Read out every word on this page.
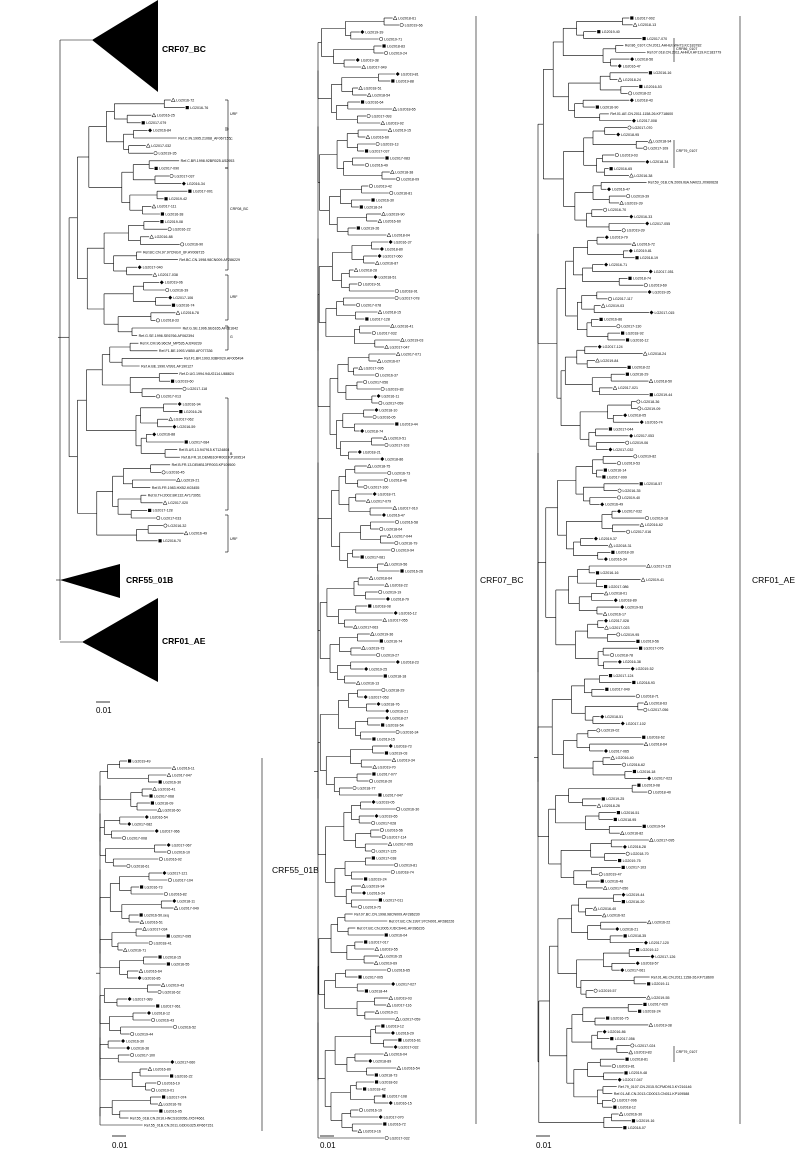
CRF07_BC
CRF55_01B
CRF01_AE
LG2016-72
LG2016-76
LG2016-25
LG2017-079
LG2016-84
Ref.C.IN.1995.21068_AF067155
LG2017-032
LG2019-35
Ref.C.BR.1998.92BR025.U52953
LG2017-090
LG2017-037
LG2016-34
LG2017-001
LG2019-42
LG2017-111
LG2016-38
LG2019-08
LG2016-22
LG2016-88
LG2016-90
Ref.BC.CN.97.97CNGX_6F.AY008715
Ref.BC.CN.1998.98CN009.AF286229
LG2017-040
LG2017-038
LG2019-06
LG2016-39
LG2017-106
LG2016-74
LG2016-78
LG2018-33
Ref.G.SE.1996.SE6165.AF061642
Ref.G.SE.1996.SE6766.AF062394
Ref.K.CM.96.96CM_MP535.AJ249239
Ref.F1.BE.1993.VI850.AF077336
Ref.F1.BR.1993.93BR020.AF005494
Ref.H.BE.1990.VI991.AF190127
Ref.D.UG.1994.94UG114.U88824
LG2019-60
LG2017-118
LG2017-013
LG2016-94
LG2016-26
LG2017-062
LG2016-59
LG2016-88
LG2017-084
Ref.B.US.13.947915.KT124808
Ref.B.FR.10.DEMB10FR002.KP109514
Ref.B.FR.13.DEMB13FR003.KP109500
LG2016-45
LG2019-21
Ref.B.FR.1983.HXB2.K03455
Ref.B.TH.2002.BK132.AY173951
LG2017-020
LG2017-128
LG2017-033
LG2016-32
LG2016-49
LG2016-70
0.01
URF
C
CRF08_BC
URF
G
B
URF
LG2019-49
LG2016-11
LG2017-047
LG2016-30
LG2016-41
LG2017-068
LG2016-09
LG2016-60
LG2016-54
LG2017-082
LG2017-066
LG2017-008
LG2017-067
LG2016-10
LG2016-92
LG2016-61
LG2017-121
LG2017-104
LG2016-73
LG2016-82
LG2018-11
LG2017-049
LG2016-50.seq
LG2016-51
LG2017-034
LG2017-095
LG2018-41
LG2016-71
LG2018-15
LG2016-55
LG2016-64
LG2016-85
LG2019-43
LG2016-62
LG2017-089
LG2017-061
LG2018-12
LG2016-43
LG2016-52
LG2019-44
LG2016-30
LG2016-36
LG2017-100
LG2017-060
LG2016-80
LG2016-22
LG2016-19
LG2019-01
LG2017-074
LG2016-78
LG2016-05
Ref.55_01B.CN.2010.HNCS102056.JX574661
Ref.55_01B.CN.2011.GDDG325.KF667151
CRF55_01B
0.01
LG2018-61
LG2019-66
LG2019-39
LG2019-71
LG2018-83
LG2019-24
LG2019-38
LG2017-049
LG2019-81
LG2019-88
LG2018-51
LG2018-54
LG2016-64
LG2018-65
LG2017-093
LG2019-92
LG2019-15
LG2016-60
LG2019-13
LG2017-037
LG2017-083
LG2016-49
LG2018-38
LG2018-09
LG2019-42
LG2016-81
LG2016-30
LG2018-24
LG2019-90
LG2016-60
LG2019-26
LG2018-04
LG2016-37
LG2018-80
LG2017-060
LG2016-87
LG2018-28
LG2018-51
LG2019-51
LG2018-91
LG2017-078
LG2017-078
LG2018-15
LG2017-128
LG2016-41
LG2017-032
LG2019-03
LG2017-047
LG2017-071
LG2016-07
LG2017-095
LG2016-37
LG2017-056
LG2019-83
LG2016-11
LG2017-059
LG2018-10
LG2016-05
LG2019-44
LG2018-74
LG2019-51
LG2017-103
LG2018-21
LG2018-86
LG2018-75
LG2016-73
LG2018-46
LG2017-100
LG2018-71
LG2017-079
LG2017-010
LG2016-47
LG2016-58
LG2018-04
LG2017-044
LG2016-79
LG2019-94
LG2017-081
LG2019-56
LG2016-26
LG2018-64
LG2018-22
LG2019-19
LG2018-79
LG2018-08
LG2016-12
LG2017-055
LG2017-063
LG2019-36
LG2016-74
LG2019-73
LG2019-27
LG2018-23
LG2019-25
LG2018-18
LG2016-13
LG2018-29
LG2017-053
LG2018-76
LG2016-21
LG2018-27
LG2018-54
LG2016-34
LG2019-15
LG2018-73
LG2019-03
LG2019-34
LG2019-70
LG2017-077
LG2018-20
LG2018-77
LG2017-047
LG2019-05
LG2016-30
LG2019-65
LG2017-028
LG2016-56
LG2017-114
LG2017-005
LG2017-125
LG2017-038
LG2019-81
LG2018-74
LG2019-24
LG2019-94
LG2016-34
LG2017-011
LG2019-75
Ref.07.BC.CN.1998.98CN009.AF286230
Ref.07.BC.CN.1997.97CN001.AF286226
Ref.07.BC.CN.2005.XJDC6441.AF286226
LG2016-04
LG2017-017
LG2019-55
LG2016-15
LG2019-69
LG2016-65
LG2017-005
LG2017-027
LG2018-44
LG2019-03
LG2017-116
LG2019-21
LG2017-059
LG2019-12
LG2016-29
LG2016-61
LG2017-032
LG2016-04
LG2018-89
LG2016-54
LG2018-73
LG2018-63
LG2018-42
LG2017-108
LG2016-15
LG2016-19
LG2017-070
LG2016-72
LG2019-16
LG2017-032
CRF07_BC
0.01
LG2017-002
LG2018-13
LG2019-40
LG2017-070
Ref.86_0107.CN.2011.AHHUI.WH73.KC183782
Ref.07.018.CN.2011.AHHUI.HF119.KC183779
LG2018-56
LG2016-47
LG2016-16
LG2018-24
LG2016-53
LG2018-22
LG2018-43
LG2016-90
Ref.01.AE.CN.2011.1158-26.KF718600
LG2017-008
LG2017-070
LG2018-95
LG2018-94
LG2017-109
LG2019-03
LG2018-34
LG2016-65
LG2016-38
Ref.59_01B.CN.2009.IBA.NA023.JX960628
LG2016-47
LG2019-39
LG2019-39
LG2016-70
LG2016-33
LG2017-055
LG2019-39
LG2019-79
LG2016-72
LG2019-81
LG2018-19
LG2016-71
LG2017-051
LG2018-74
LG2019-69
LG2019-35
LG2017-117
LG2019-03
LG2017-015
LG2016-86
LG2017-130
LG2018-92
LG2016-12
LG2017-124
LG2018-24
LG2019-84
LG2018-22
LG2016-29
LG2018-50
LG2017-021
LG2019-44
LG2018-36
LG2019-09
LG2018-05
LG2016-74
LG2017-044
LG2017-053
LG2019-06
LG2017-032
LG2019-82
LG2019-53
LG2016-14
LG2017-099
LG2018-57
LG2016-35
LG2019-40
LG2016-49
LG2017-032
LG2019-18
LG2016-62
LG2017-016
LG2019-37
LG2018-31
LG2018-30
LG2016-34
LG2017-115
LG2016-16
LG2019-41
LG2017-086
LG2018-01
LG2018-89
LG2019-93
LG2016-17
LG2017-028
LG2017-023
LG2019-95
LG2019-56
LG2017-076
LG2018-78
LG2016-38
LG2019-52
LG2017-124
LG2018-93
LG2017-049
LG2018-71
LG2018-63
LG2017-056
LG2018-51
LG2017-102
LG2019-02
LG2018-62
LG2018-64
LG2017-065
LG2016-40
LG2016-62
LG2016-18
LG2017-023
LG2019-08
LG2018-40
LG2019-25
LG2018-26
LG2016-51
LG2018-95
LG2019-54
LG2016-82
LG2017-095
LG2016-28
LG2018-70
LG2019-75
LG2017-103
LG2019-47
LG2016-48
LG2017-050
LG2019-44
LG2016-20
LG2016-40
LG2016-92
LG2016-22
LG2016-21
LG2018-35
LG2017-120
LG2019-12
LG2017-126
LG2018-57
LG2017-061
Ref.01.AE.CN.2011.1158-26.KF718600
LG2019-11
LG2019-57
LG2019-55
LG2017-020
LG2018-24
LG2016-75
LG2019-38
LG2016-86
LG2017-056
LG2017-024
LG2019-83
LG2018-81
LG2019-81
LG2019-48
LG2017-047
Ref.79_0107.CN.2015.SCFMD913.KY216146
Ref.01.AE.CN.2013.CD0013.CN011.KP109588
LG2017-096
LG2018-12
LG2016-30
LG2019-16
LG2018-07
CRF01_AE
CRF86_0107
CRF79_0107
CRF79_0107
0.01
